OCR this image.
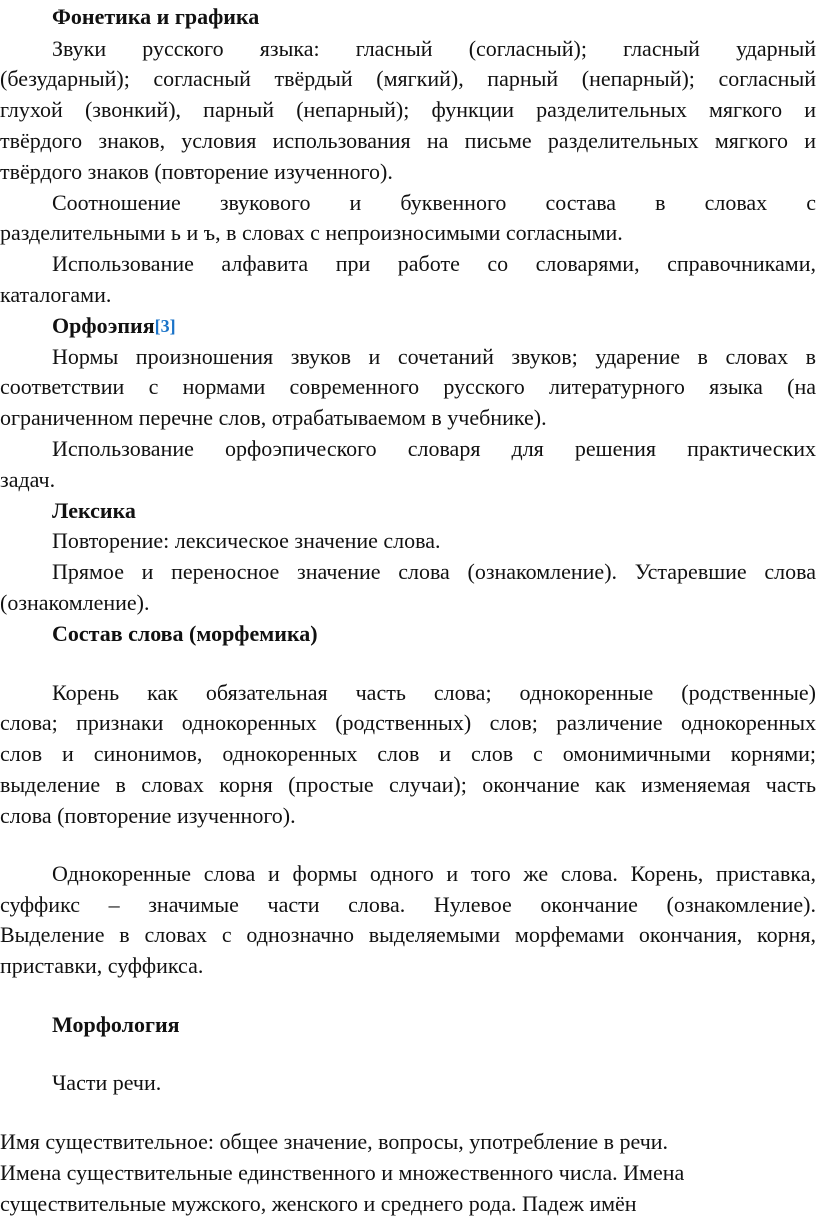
Фонетика и графика
Звуки русского языка: гласный (согласный); гласный ударный
(безударный); согласный твёрдый (мягкий), парный (непарный); согласный
глухой (звонкий), парный (непарный); функции разделительных мягкого и
твёрдого знаков, условия использования на письме разделительных мягкого и
твёрдого знаков (повторение изученного).
Соотношение звукового и буквенного состава в словах с
разделительными ь и ъ, в словах с непроизносимыми согласными.
Использование алфавита при работе со словарями, справочниками,
каталогами.
Орфоэпия[3]
Нормы произношения звуков и сочетаний звуков; ударение в словах в
соответствии с нормами современного русского литературного языка (на
ограниченном перечне слов, отрабатываемом в учебнике).
Использование орфоэпического словаря для решения практических
задач.
Лексика
Повторение: лексическое значение слова.
Прямое и переносное значение слова (ознакомление). Устаревшие слова
(ознакомление).
Состав слова (морфемика)
Корень как обязательная часть слова; однокоренные (родственные)
слова; признаки однокоренных (родственных) слов; различение однокоренных
слов и синонимов, однокоренных слов и слов с омонимичными корнями;
выделение в словах корня (простые случаи); окончание как изменяемая часть
слова (повторение изученного).
Однокоренные слова и формы одного и того же слова. Корень, приставка,
суффикс – значимые части слова. Нулевое окончание (ознакомление).
Выделение в словах с однозначно выделяемыми морфемами окончания, корня,
приставки, суффикса.
Морфология
Части речи.
Имя существительное: общее значение, вопросы, употребление в речи.
Имена существительные единственного и множественного числа. Имена
существительные мужского, женского и среднего рода. Падеж имён
